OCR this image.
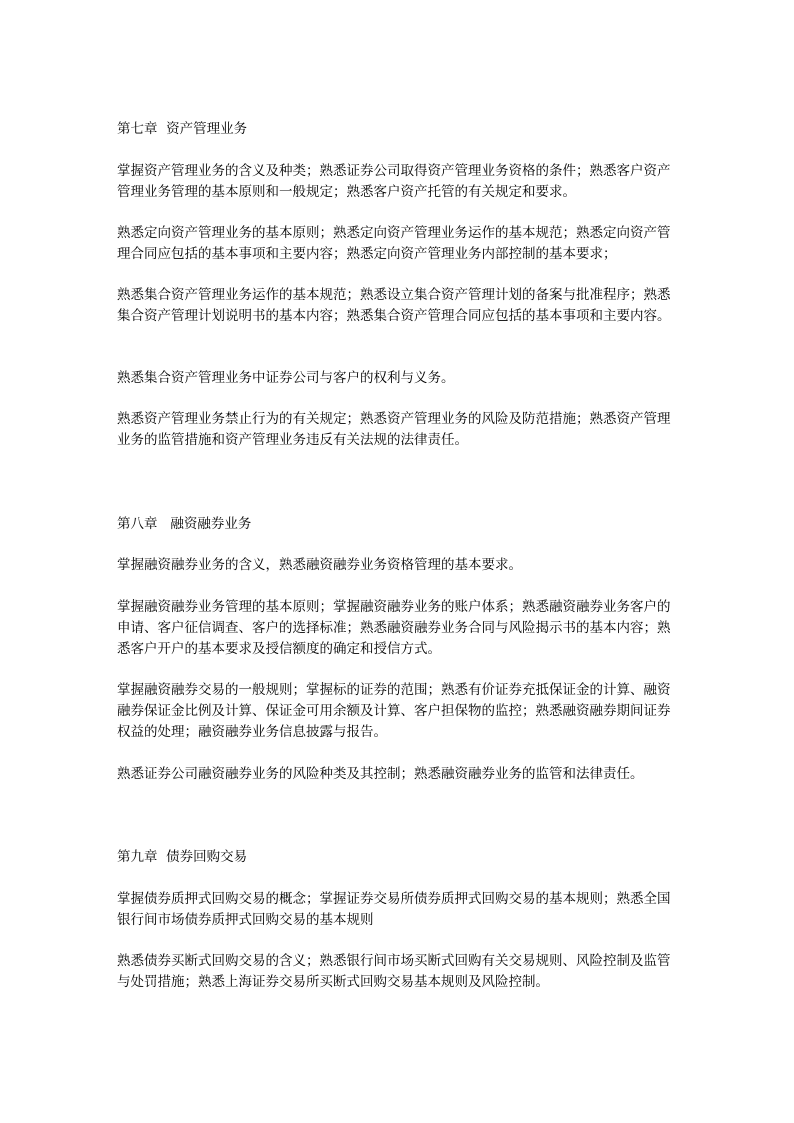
第七章  资产管理业务
掌握资产管理业务的含义及种类；熟悉证券公司取得资产管理业务资格的条件；熟悉客户资产管理业务管理的基本原则和一般规定；熟悉客户资产托管的有关规定和要求。
熟悉定向资产管理业务的基本原则；熟悉定向资产管理业务运作的基本规范；熟悉定向资产管理合同应包括的基本事项和主要内容；熟悉定向资产管理业务内部控制的基本要求；
熟悉集合资产管理业务运作的基本规范；熟悉设立集合资产管理计划的备案与批准程序；熟悉集合资产管理计划说明书的基本内容；熟悉集合资产管理合同应包括的基本事项和主要内容。
熟悉集合资产管理业务中证券公司与客户的权利与义务。
熟悉资产管理业务禁止行为的有关规定；熟悉资产管理业务的风险及防范措施；熟悉资产管理业务的监管措施和资产管理业务违反有关法规的法律责任。
第八章   融资融券业务
掌握融资融券业务的含义，熟悉融资融券业务资格管理的基本要求。
掌握融资融券业务管理的基本原则；掌握融资融券业务的账户体系；熟悉融资融券业务客户的申请、客户征信调查、客户的选择标准；熟悉融资融券业务合同与风险揭示书的基本内容；熟悉客户开户的基本要求及授信额度的确定和授信方式。
掌握融资融券交易的一般规则；掌握标的证券的范围；熟悉有价证券充抵保证金的计算、融资融券保证金比例及计算、保证金可用余额及计算、客户担保物的监控；熟悉融资融券期间证券权益的处理；融资融券业务信息披露与报告。
熟悉证券公司融资融券业务的风险种类及其控制；熟悉融资融券业务的监管和法律责任。
第九章  债券回购交易
掌握债券质押式回购交易的概念；掌握证券交易所债券质押式回购交易的基本规则；熟悉全国银行间市场债券质押式回购交易的基本规则
熟悉债券买断式回购交易的含义；熟悉银行间市场买断式回购有关交易规则、风险控制及监管与处罚措施；熟悉上海证券交易所买断式回购交易基本规则及风险控制。
